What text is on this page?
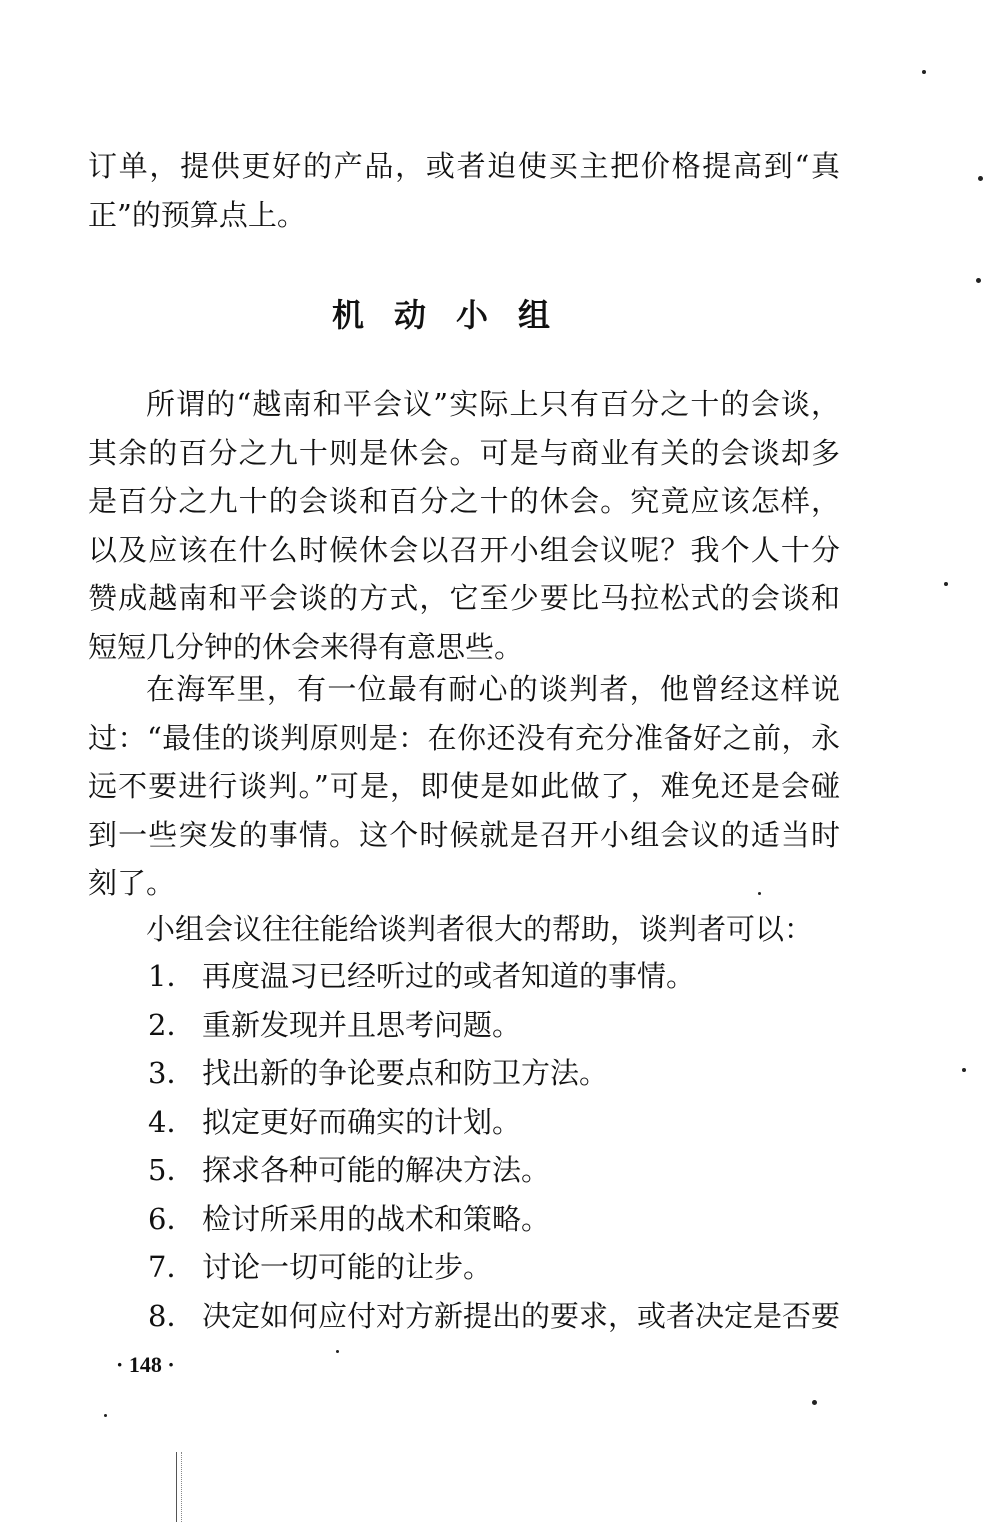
订单，提供更好的产品，或者迫使买主把价格提高到“真正”的预算点上。

机动小组

所谓的“越南和平会议”实际上只有百分之十的会谈，其余的百分之九十则是休会。可是与商业有关的会谈却多是百分之九十的会谈和百分之十的休会。究竟应该怎样，以及应该在什么时候休会以召开小组会议呢？我个人十分赞成越南和平会谈的方式，它至少要比马拉松式的会谈和短短几分钟的休会来得有意思些。

在海军里，有一位最有耐心的谈判者，他曾经这样说过：“最佳的谈判原则是：在你还没有充分准备好之前，永远不要进行谈判。”可是，即使是如此做了，难免还是会碰到一些突发的事情。这个时候就是召开小组会议的适当时刻了。

小组会议往往能给谈判者很大的帮助，谈判者可以：

1． 再度温习已经听过的或者知道的事情。
2． 重新发现并且思考问题。
3． 找出新的争论要点和防卫方法。
4． 拟定更好而确实的计划。
5． 探求各种可能的解决方法。
6． 检讨所采用的战术和策略。
7． 讨论一切可能的让步。
8． 决定如何应付对方新提出的要求，或者决定是否要
· 148 ·
